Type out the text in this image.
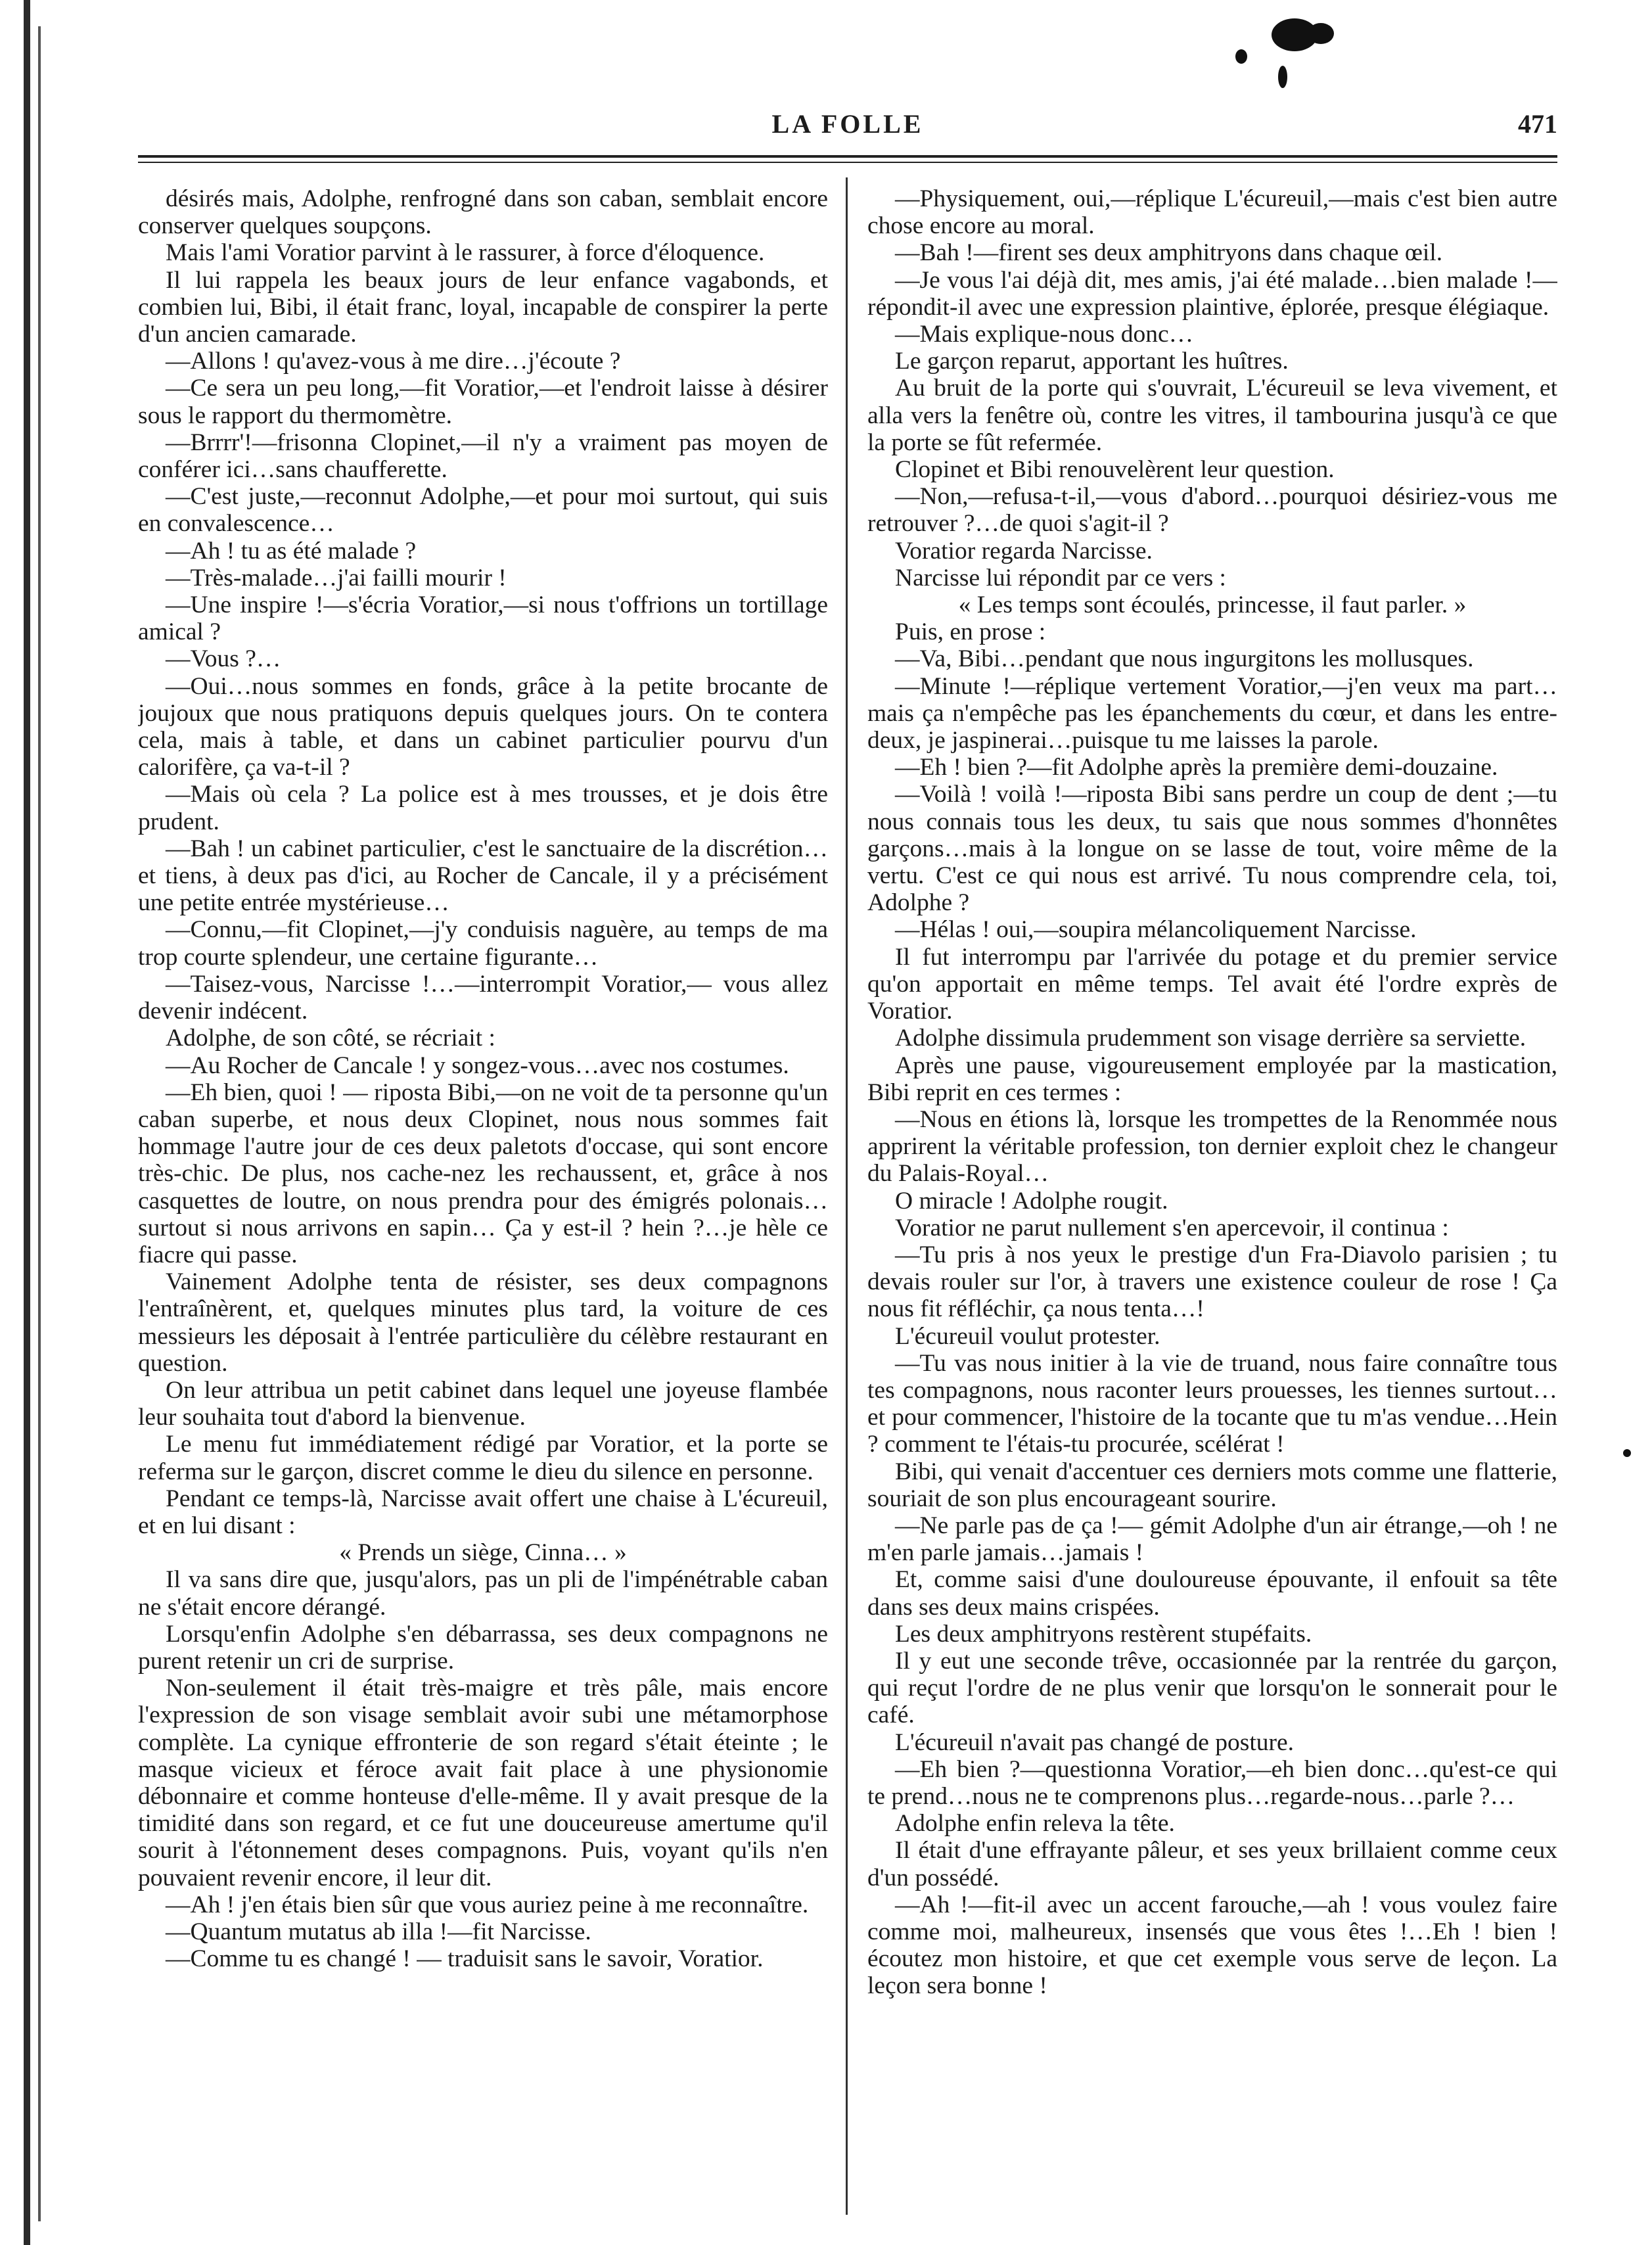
LA FOLLE	471

désirés mais, Adolphe, renfrogné dans son caban, semblait encore conserver quelques soupçons.

Mais l'ami Voratior parvint à le rassurer, à force d'éloquence.

Il lui rappela les beaux jours de leur enfance vagabonds, et combien lui, Bibi, il était franc, loyal, incapable de conspirer la perte d'un ancien camarade.

—Allons ! qu'avez-vous à me dire…j'écoute ?

—Ce sera un peu long,—fit Voratior,—et l'endroit laisse à désirer sous le rapport du thermomètre.

—Brrrr'!—frisonna Clopinet,—il n'y a vraiment pas moyen de conférer ici…sans chaufferette.

—C'est juste,—reconnut Adolphe,—et pour moi surtout, qui suis en convalescence…

—Ah ! tu as été malade ?

—Très-malade…j'ai failli mourir !

—Une inspire !—s'écria Voratior,—si nous t'offrions un tortillage amical ?

—Vous ?…

—Oui…nous sommes en fonds, grâce à la petite brocante de joujoux que nous pratiquons depuis quelques jours. On te contera cela, mais à table, et dans un cabinet particulier pourvu d'un calorifère, ça va-t-il ?

—Mais où cela ? La police est à mes trousses, et je dois être prudent.

—Bah ! un cabinet particulier, c'est le sanctuaire de la discrétion…et tiens, à deux pas d'ici, au Rocher de Cancale, il y a précisément une petite entrée mystérieuse…

—Connu,—fit Clopinet,—j'y conduisis naguère, au temps de ma trop courte splendeur, une certaine figurante…

—Taisez-vous, Narcisse !…—interrompit Voratior,— vous allez devenir indécent.

Adolphe, de son côté, se récriait :

—Au Rocher de Cancale ! y songez-vous…avec nos costumes.

—Eh bien, quoi ! — riposta Bibi,—on ne voit de ta personne qu'un caban superbe, et nous deux Clopinet, nous nous sommes fait hommage l'autre jour de ces deux paletots d'occase, qui sont encore très-chic. De plus, nos cache-nez les rechaussent, et, grâce à nos casquettes de loutre, on nous prendra pour des émigrés polonais…surtout si nous arrivons en sapin… Ça y est-il ? hein ?…je hèle ce fiacre qui passe.

Vainement Adolphe tenta de résister, ses deux compagnons l'entraînèrent, et, quelques minutes plus tard, la voiture de ces messieurs les déposait à l'entrée particulière du célèbre restaurant en question.

On leur attribua un petit cabinet dans lequel une joyeuse flambée leur souhaita tout d'abord la bienvenue.

Le menu fut immédiatement rédigé par Voratior, et la porte se referma sur le garçon, discret comme le dieu du silence en personne.

Pendant ce temps-là, Narcisse avait offert une chaise à L'écureuil, et en lui disant :

« Prends un siège, Cinna… »

Il va sans dire que, jusqu'alors, pas un pli de l'impénétrable caban ne s'était encore dérangé.

Lorsqu'enfin Adolphe s'en débarrassa, ses deux compagnons ne purent retenir un cri de surprise.

Non-seulement il était très-maigre et très pâle, mais encore l'expression de son visage semblait avoir subi une métamorphose complète. La cynique effronterie de son regard s'était éteinte ; le masque vicieux et féroce avait fait place à une physionomie débonnaire et comme honteuse d'elle-même. Il y avait presque de la timidité dans son regard, et ce fut une douceureuse amertume qu'il sourit à l'étonnement deses compagnons. Puis, voyant qu'ils n'en pouvaient revenir encore, il leur dit.

—Ah ! j'en étais bien sûr que vous auriez peine à me reconnaître.

—Quantum mutatus ab illa !—fit Narcisse.

—Comme tu es changé ! — traduisit sans le savoir, Voratior.

—Physiquement, oui,—réplique L'écureuil,—mais c'est bien autre chose encore au moral.

—Bah !—firent ses deux amphitryons dans chaque œil.

—Je vous l'ai déjà dit, mes amis, j'ai été malade…bien malade !—répondit-il avec une expression plaintive, éplorée, presque élégiaque.

—Mais explique-nous donc…

Le garçon reparut, apportant les huîtres.

Au bruit de la porte qui s'ouvrait, L'écureuil se leva vivement, et alla vers la fenêtre où, contre les vitres, il tambourina jusqu'à ce que la porte se fût refermée.

Clopinet et Bibi renouvelèrent leur question.

—Non,—refusa-t-il,—vous d'abord…pourquoi désiriez-vous me retrouver ?…de quoi s'agit-il ?

Voratior regarda Narcisse.

Narcisse lui répondit par ce vers :

« Les temps sont écoulés, princesse, il faut parler. »

Puis, en prose :

—Va, Bibi…pendant que nous ingurgitons les mollusques.

—Minute !—réplique vertement Voratior,—j'en veux ma part…mais ça n'empêche pas les épanchements du cœur, et dans les entre-deux, je jaspinerai…puisque tu me laisses la parole.

—Eh ! bien ?—fit Adolphe après la première demi-douzaine.

—Voilà ! voilà !—riposta Bibi sans perdre un coup de dent ;—tu nous connais tous les deux, tu sais que nous sommes d'honnêtes garçons…mais à la longue on se lasse de tout, voire même de la vertu. C'est ce qui nous est arrivé. Tu nous comprendre cela, toi, Adolphe ?

—Hélas ! oui,—soupira mélancoliquement Narcisse.

Il fut interrompu par l'arrivée du potage et du premier service qu'on apportait en même temps. Tel avait été l'ordre exprès de Voratior.

Adolphe dissimula prudemment son visage derrière sa serviette.

Après une pause, vigoureusement employée par la mastication, Bibi reprit en ces termes :

—Nous en étions là, lorsque les trompettes de la Renommée nous apprirent la véritable profession, ton dernier exploit chez le changeur du Palais-Royal…

O miracle ! Adolphe rougit.

Voratior ne parut nullement s'en apercevoir, il continua :

—Tu pris à nos yeux le prestige d'un Fra-Diavolo parisien ; tu devais rouler sur l'or, à travers une existence couleur de rose ! Ça nous fit réfléchir, ça nous tenta…!

L'écureuil voulut protester.

—Tu vas nous initier à la vie de truand, nous faire connaître tous tes compagnons, nous raconter leurs prouesses, les tiennes surtout…et pour commencer, l'histoire de la tocante que tu m'as vendue…Hein ? comment te l'étais-tu procurée, scélérat !

Bibi, qui venait d'accentuer ces derniers mots comme une flatterie, souriait de son plus encourageant sourire.

—Ne parle pas de ça !— gémit Adolphe d'un air étrange,—oh ! ne m'en parle jamais…jamais !

Et, comme saisi d'une douloureuse épouvante, il enfouit sa tête dans ses deux mains crispées.

Les deux amphitryons restèrent stupéfaits.

Il y eut une seconde trêve, occasionnée par la rentrée du garçon, qui reçut l'ordre de ne plus venir que lorsqu'on le sonnerait pour le café.

L'écureuil n'avait pas changé de posture.

—Eh bien ?—questionna Voratior,—eh bien donc…qu'est-ce qui te prend…nous ne te comprenons plus…regarde-nous…parle ?…

Adolphe enfin releva la tête.

Il était d'une effrayante pâleur, et ses yeux brillaient comme ceux d'un possédé.

—Ah !—fit-il avec un accent farouche,—ah ! vous voulez faire comme moi, malheureux, insensés que vous êtes !…Eh ! bien ! écoutez mon histoire, et que cet exemple vous serve de leçon. La leçon sera bonne !
